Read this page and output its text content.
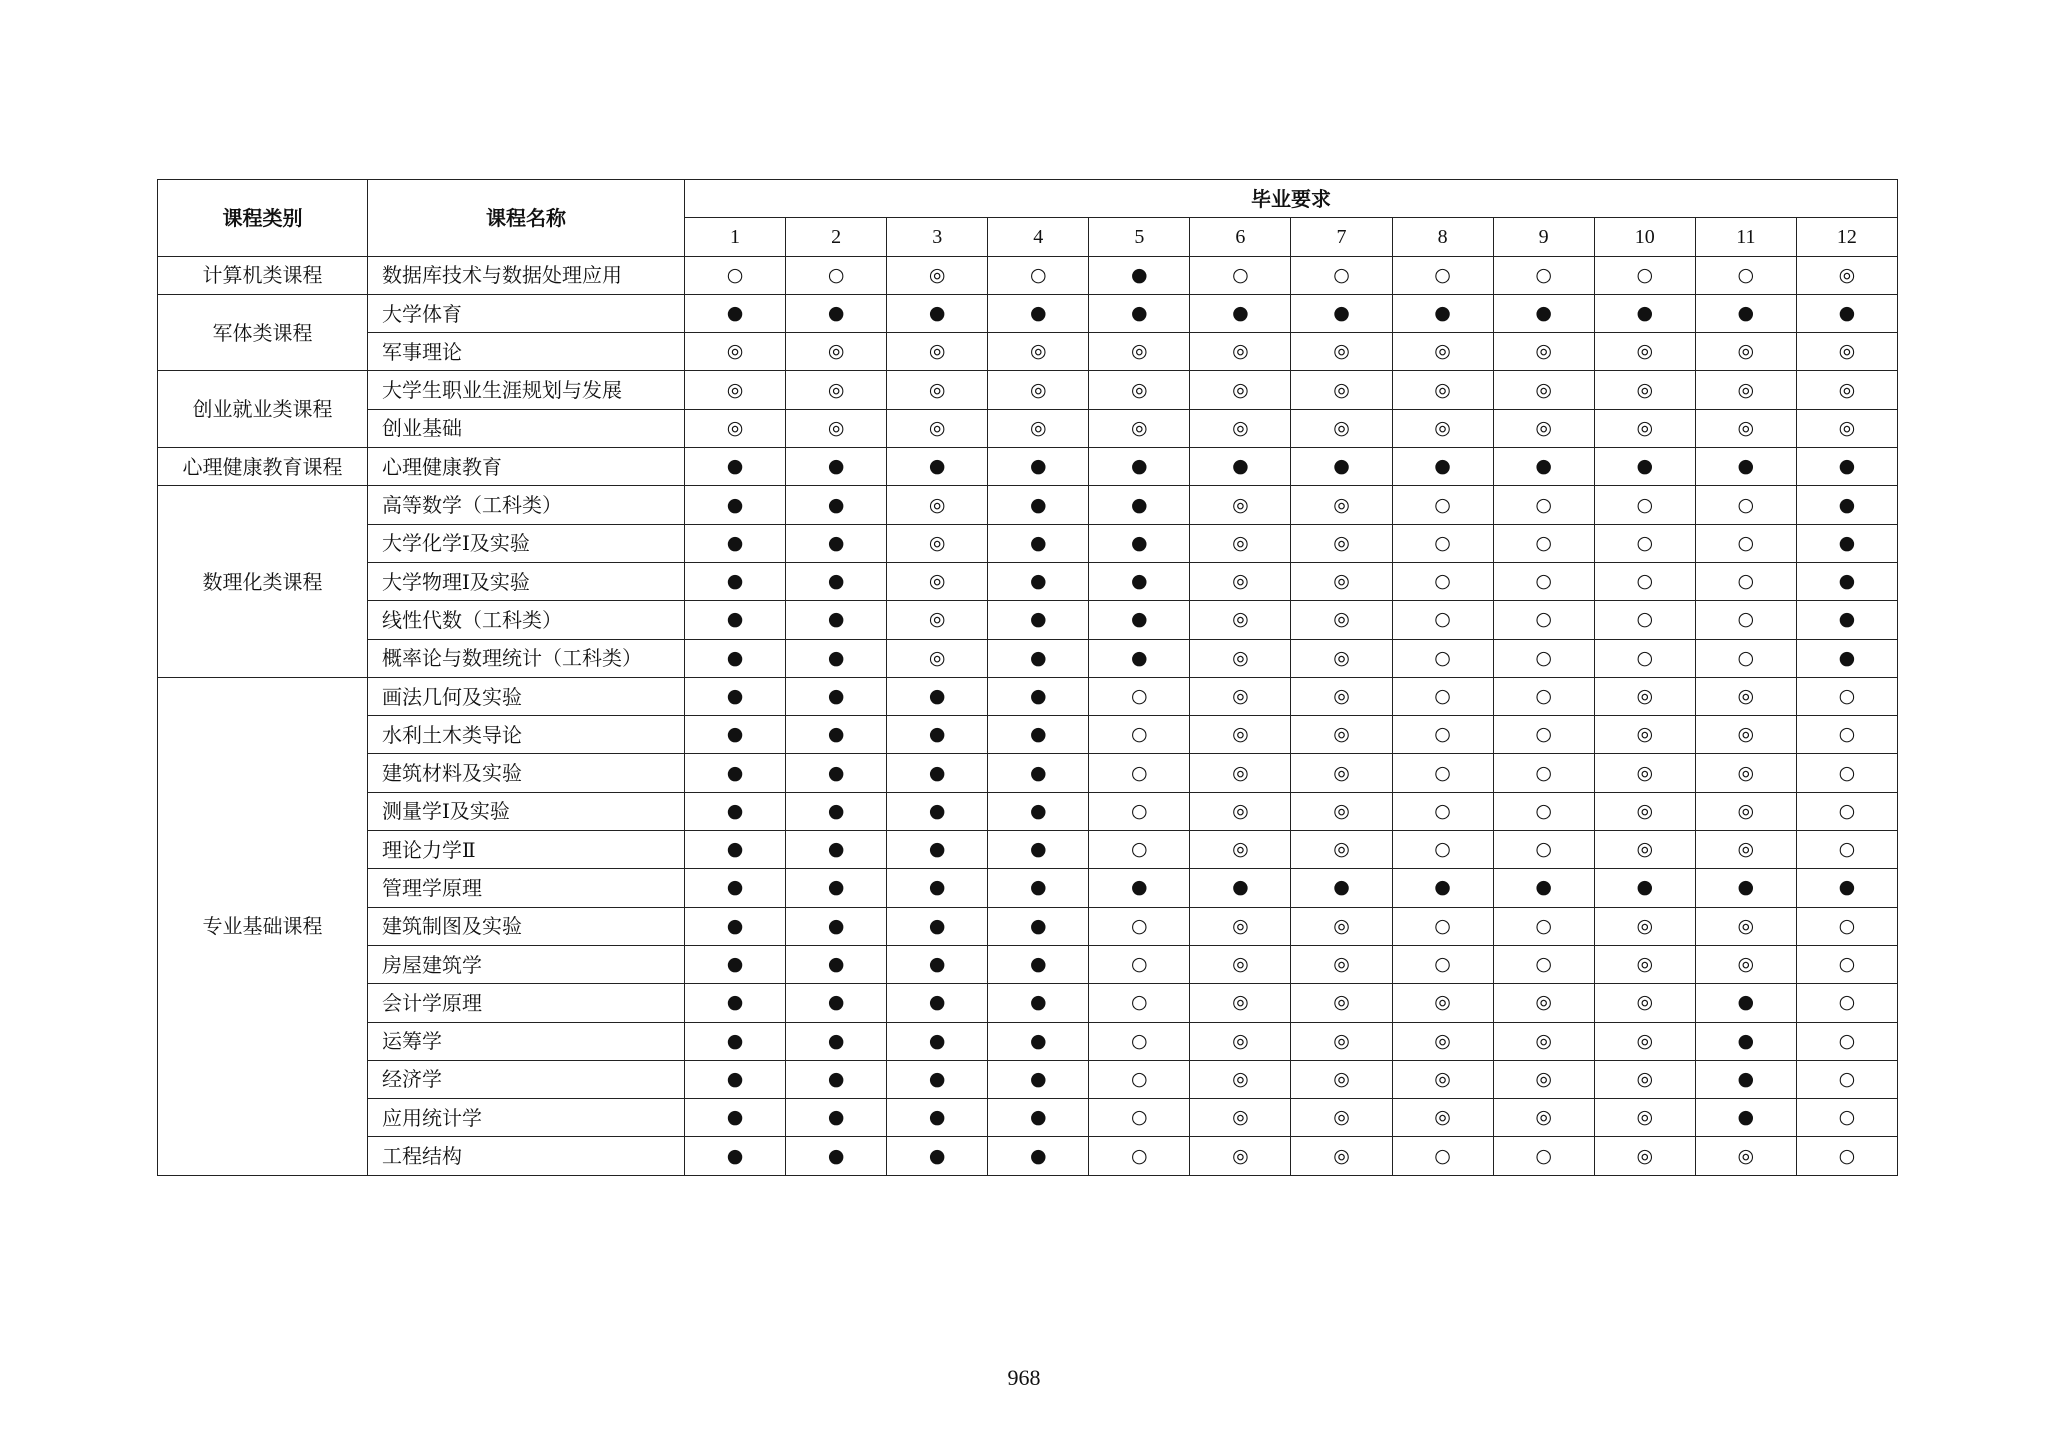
课程类别	课程名称	毕业要求											
		1	2	3	4	5	6	7	8	9	10	11	12
计算机类课程	数据库技术与数据处理应用	○	○	◎	○	●	○	○	○	○	○	○	◎
军体类课程	大学体育	●	●	●	●	●	●	●	●	●	●	●	●
	军事理论	◎	◎	◎	◎	◎	◎	◎	◎	◎	◎	◎	◎
创业就业类课程	大学生职业生涯规划与发展	◎	◎	◎	◎	◎	◎	◎	◎	◎	◎	◎	◎
	创业基础	◎	◎	◎	◎	◎	◎	◎	◎	◎	◎	◎	◎
心理健康教育课程	心理健康教育	●	●	●	●	●	●	●	●	●	●	●	●
数理化类课程	高等数学（工科类）	●	●	◎	●	●	◎	◎	○	○	○	○	●
	大学化学Ⅰ及实验	●	●	◎	●	●	◎	◎	○	○	○	○	●
	大学物理Ⅰ及实验	●	●	◎	●	●	◎	◎	○	○	○	○	●
	线性代数（工科类）	●	●	◎	●	●	◎	◎	○	○	○	○	●
	概率论与数理统计（工科类）	●	●	◎	●	●	◎	◎	○	○	○	○	●
专业基础课程	画法几何及实验	●	●	●	●	○	◎	◎	○	○	◎	◎	○
	水利土木类导论	●	●	●	●	○	◎	◎	○	○	◎	◎	○
	建筑材料及实验	●	●	●	●	○	◎	◎	○	○	◎	◎	○
	测量学Ⅰ及实验	●	●	●	●	○	◎	◎	○	○	◎	◎	○
	理论力学Ⅱ	●	●	●	●	○	◎	◎	○	○	◎	◎	○
	管理学原理	●	●	●	●	●	●	●	●	●	●	●	●
	建筑制图及实验	●	●	●	●	○	◎	◎	○	○	◎	◎	○
	房屋建筑学	●	●	●	●	○	◎	◎	○	○	◎	◎	○
	会计学原理	●	●	●	●	○	◎	◎	◎	◎	◎	●	○
	运筹学	●	●	●	●	○	◎	◎	◎	◎	◎	●	○
	经济学	●	●	●	●	○	◎	◎	◎	◎	◎	●	○
	应用统计学	●	●	●	●	○	◎	◎	◎	◎	◎	●	○
	工程结构	●	●	●	●	○	◎	◎	○	○	◎	◎	○
968
